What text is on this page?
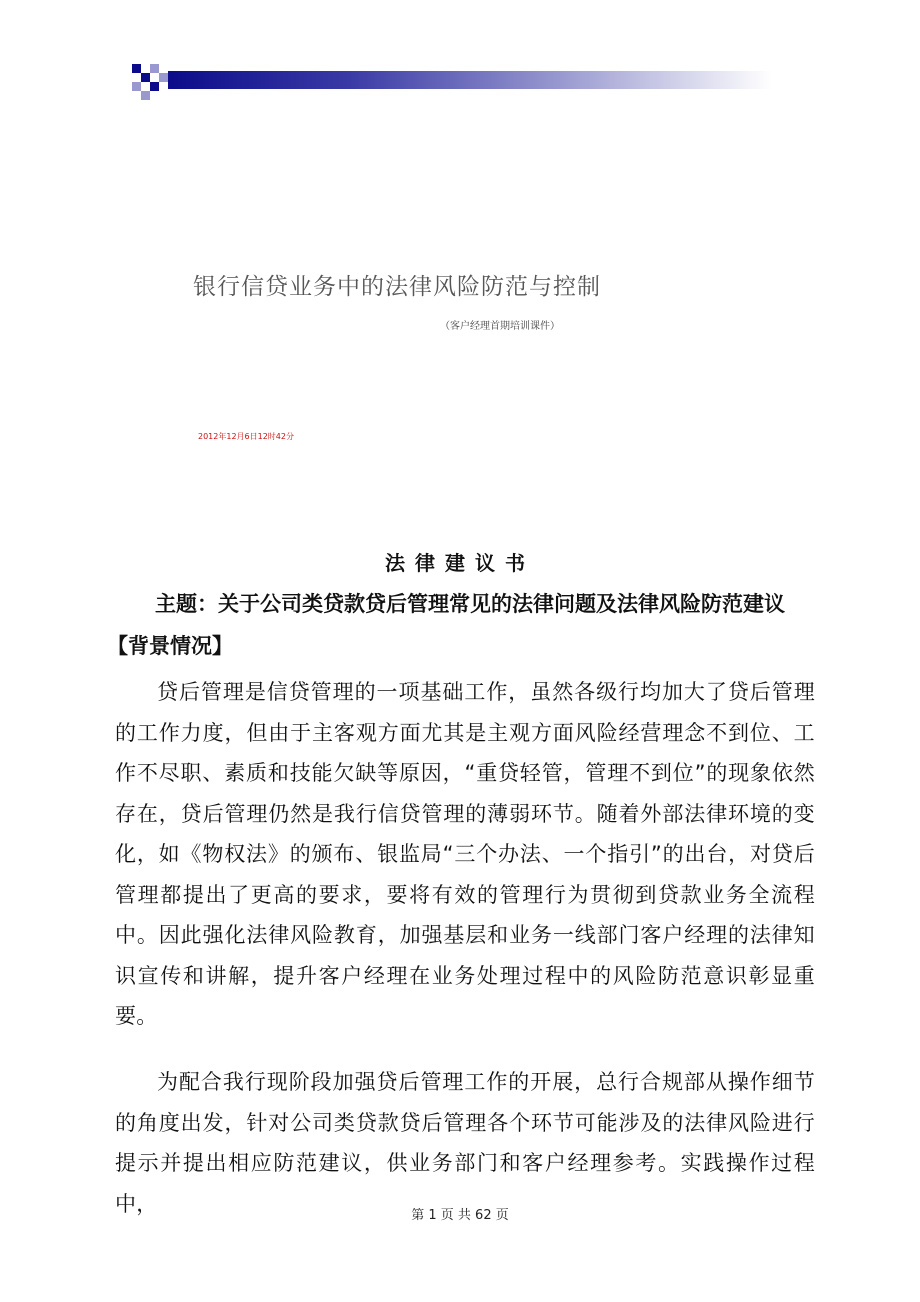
银行信贷业务中的法律风险防范与控制
（客户经理首期培训课件）
2012年12月6日12时42分
法律建议书
主题：关于公司类贷款贷后管理常见的法律问题及法律风险防范建议
【背景情况】

贷后管理是信贷管理的一项基础工作，虽然各级行均加大了贷后管理的工作力度，但由于主客观方面尤其是主观方面风险经营理念不到位、工作不尽职、素质和技能欠缺等原因，“重贷轻管，管理不到位”的现象依然存在，贷后管理仍然是我行信贷管理的薄弱环节。随着外部法律环境的变化，如《物权法》的颁布、银监局“三个办法、一个指引”的出台，对贷后管理都提出了更高的要求，要将有效的管理行为贯彻到贷款业务全流程中。因此强化法律风险教育，加强基层和业务一线部门客户经理的法律知识宣传和讲解，提升客户经理在业务处理过程中的风险防范意识彰显重要。

为配合我行现阶段加强贷后管理工作的开展，总行合规部从操作细节的角度出发，针对公司类贷款贷后管理各个环节可能涉及的法律风险进行提示并提出相应防范建议，供业务部门和客户经理参考。实践操作过程中，	第 1 页 共 62 页
